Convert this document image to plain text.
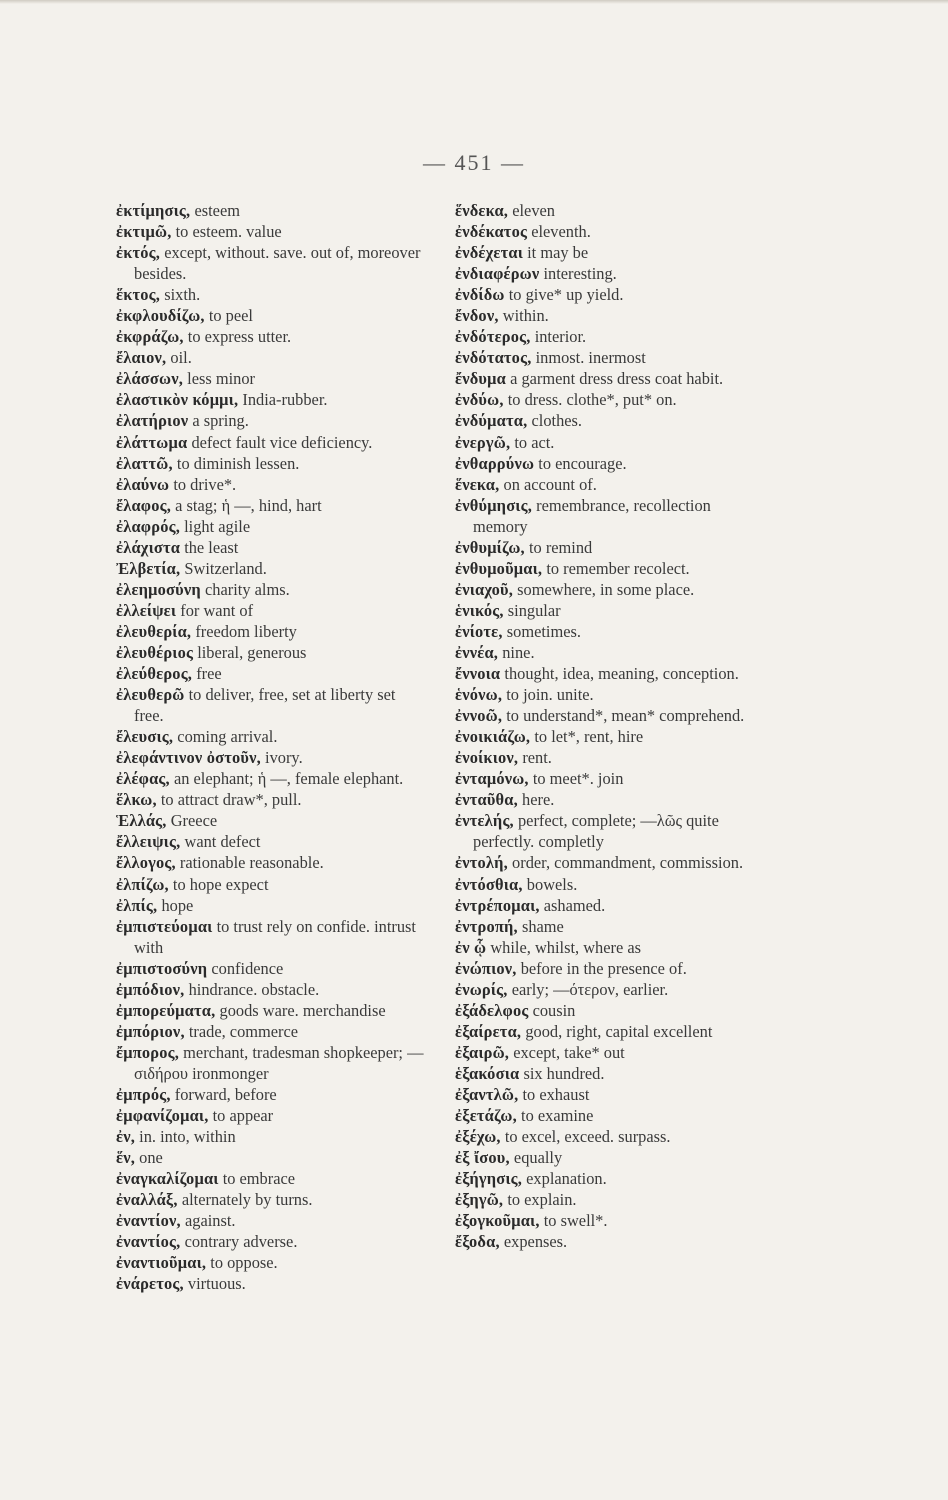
— 451 —
ἐκτίμησις, esteem
ἐκτιμῶ, to esteem. value
ἐκτός, except, without. save. out of, moreover besides.
ἕκτος, sixth.
ἐκφλουδίζω, to peel
ἐκφράζω, to express utter.
ἔλαιον, oil.
ἐλάσσων, less minor
ἐλαστικὸν κόμμι, India-rubber.
ἐλατήριον a spring.
ἐλάττωμα defect fault vice deficiency.
ἐλαττῶ, to diminish lessen.
ἐλαύνω to drive*.
ἔλαφος, a stag; ἡ —, hind, hart
ἐλαφρός, light agile
ἐλάχιστα the least
Ἐλβετία, Switzerland.
ἐλεημοσύνη charity alms.
ἐλλείψει for want of
ἐλευθερία, freedom liberty
ἐλευθέριος liberal, generous
ἐλεύθερος, free
ἐλευθερῶ to deliver, free, set at liberty set free.
ἔλευσις, coming arrival.
ἐλεφάντινον ὀστοῦν, ivory.
ἐλέφας, an elephant; ἡ —, female elephant.
ἕλκω, to attract draw*, pull.
Ἑλλάς, Greece
ἔλλειψις, want defect
ἔλλογος, rationable reasonable.
ἐλπίζω, to hope expect
ἐλπίς, hope
ἐμπιστεύομαι to trust rely on confide. intrust with
ἐμπιστοσύνη confidence
ἐμπόδιον, hindrance. obstacle.
ἐμπορεύματα, goods ware. merchandise
ἐμπόριον, trade, commerce
ἔμπορος, merchant, tradesman shopkeeper; — σιδήρου ironmonger
ἐμπρός, forward, before
ἐμφανίζομαι, to appear
ἐν, in. into, within
ἕν, one
ἐναγκαλίζομαι to embrace
ἐναλλάξ, alternately by turns.
ἐναντίον, against.
ἐναντίος, contrary adverse.
ἐναντιοῦμαι, to oppose.
ἐνάρετος, virtuous.
ἕνδεκα, eleven
ἐνδέκατος eleventh.
ἐνδέχεται it may be
ἐνδιαφέρων interesting.
ἐνδίδω to give* up yield.
ἔνδον, within.
ἐνδότερος, interior.
ἐνδότατος, inmost. inermost
ἔνδυμα a garment dress dress coat habit.
ἐνδύω, to dress. clothe*, put* on.
ἐνδύματα, clothes.
ἐνεργῶ, to act.
ἐνθαρρύνω to encourage.
ἕνεκα, on account of.
ἐνθύμησις, remembrance, recollection memory
ἐνθυμίζω, to remind
ἐνθυμοῦμαι, to remember recolect.
ἐνιαχοῦ, somewhere, in some place.
ἑνικός, singular
ἐνίοτε, sometimes.
ἐννέα, nine.
ἔννοια thought, idea, meaning, conception.
ἑνόνω, to join. unite.
ἐννοῶ, to understand*, mean* comprehend.
ἐνοικιάζω, to let*, rent, hire
ἐνοίκιον, rent.
ἐνταμόνω, to meet*. join
ἐνταῦθα, here.
ἐντελής, perfect, complete; —λῶς quite perfectly. completly
ἐντολή, order, commandment, commission.
ἐντόσθια, bowels.
ἐντρέπομαι, ashamed.
ἐντροπή, shame
ἐν ᾧ while, whilst, where as
ἐνώπιον, before in the presence of.
ἐνωρίς, early; —ότερον, earlier.
ἐξάδελφος cousin
ἐξαίρετα, good, right, capital excellent
ἐξαιρῶ, except, take* out
ἑξακόσια six hundred.
ἐξαντλῶ, to exhaust
ἐξετάζω, to examine
ἐξέχω, to excel, exceed. surpass.
ἐξ ἴσου, equally
ἐξήγησις, explanation.
ἐξηγῶ, to explain.
ἐξογκοῦμαι, to swell*.
ἔξοδα, expenses.
